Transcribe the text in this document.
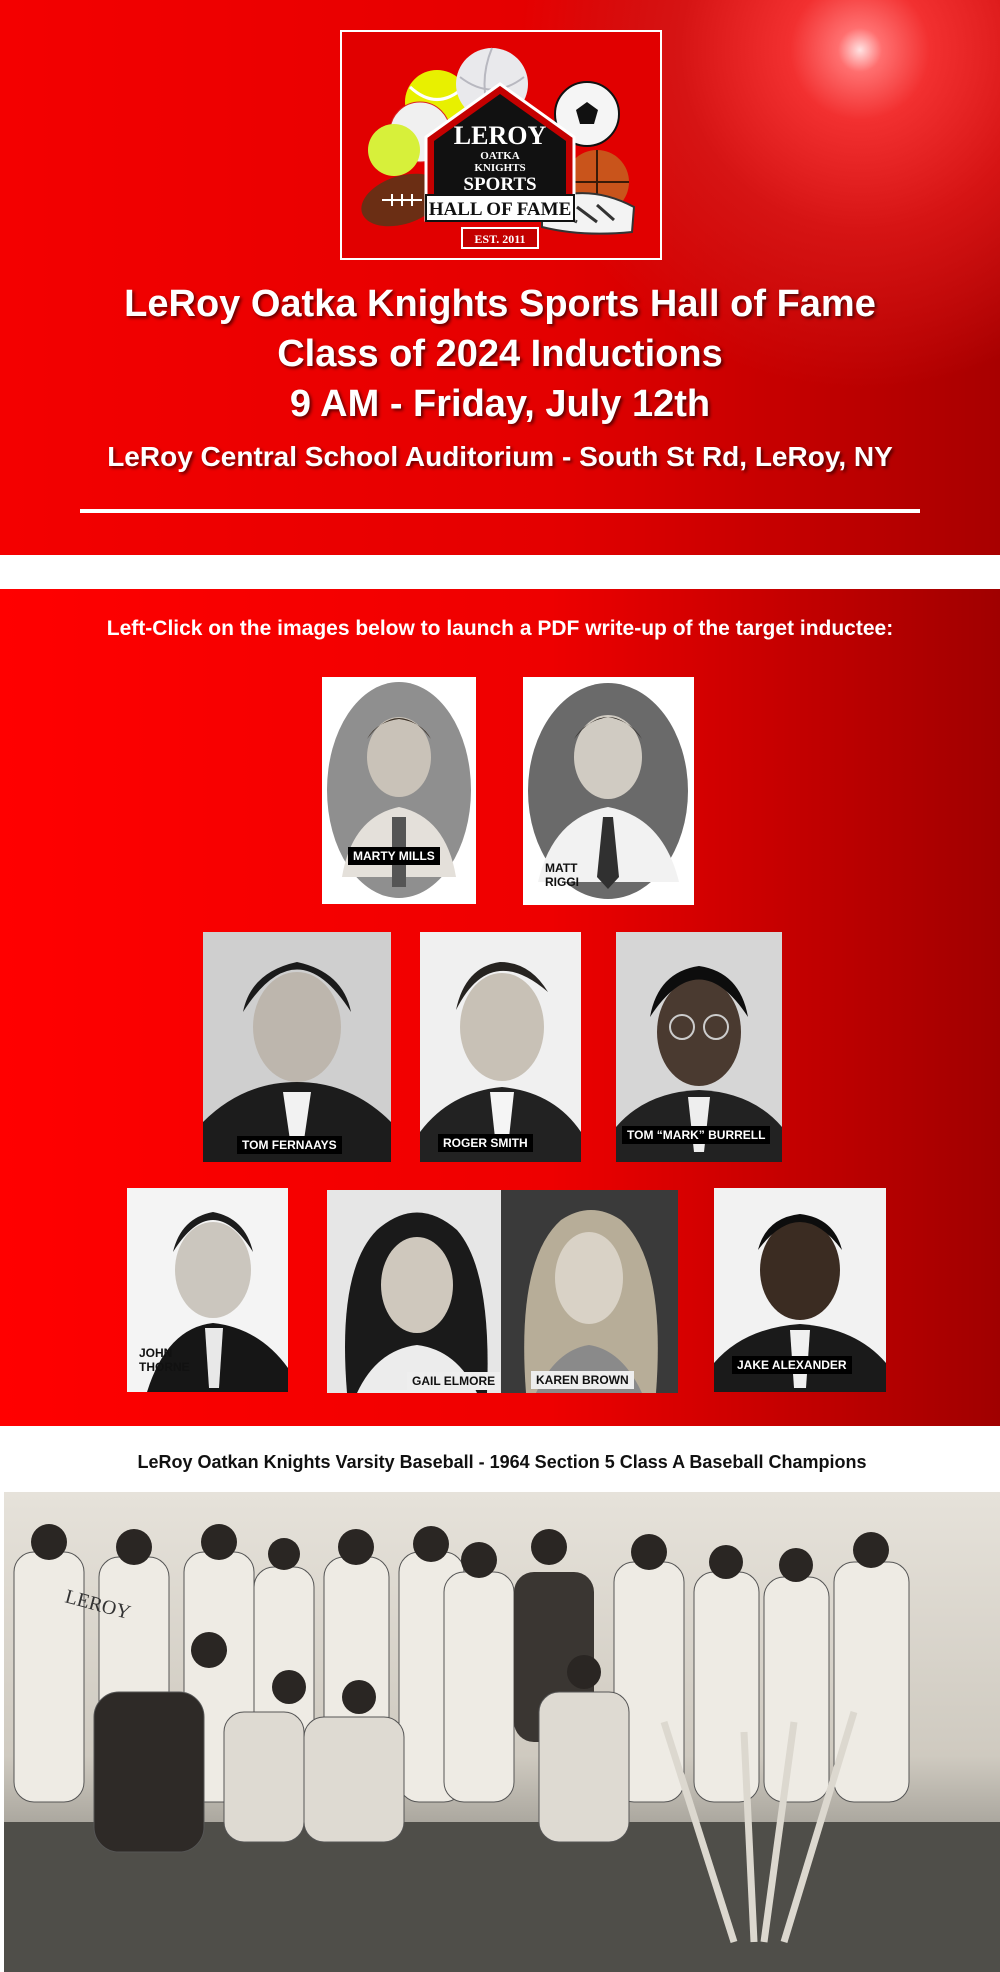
LEROY
OATKA
KNIGHTS
SPORTS
HALL OF FAME
EST. 2011
LeRoy Oatka Knights Sports Hall of Fame
Class of 2024 Inductions
9 AM - Friday, July 12th
LeRoy Central School Auditorium - South St Rd, LeRoy, NY
Left-Click on the images below to launch a PDF write-up of the target inductee:
MARTY MILLS
MATT
RIGGI
TOM FERNAAYS	ROGER SMITH
TOM “MARK” BURRELL
JOHN
THORNE
GAIL ELMORE	KAREN BROWN
JAKE ALEXANDER
LeRoy Oatkan Knights Varsity Baseball - 1964 Section 5 Class A Baseball Champions
LEROY
